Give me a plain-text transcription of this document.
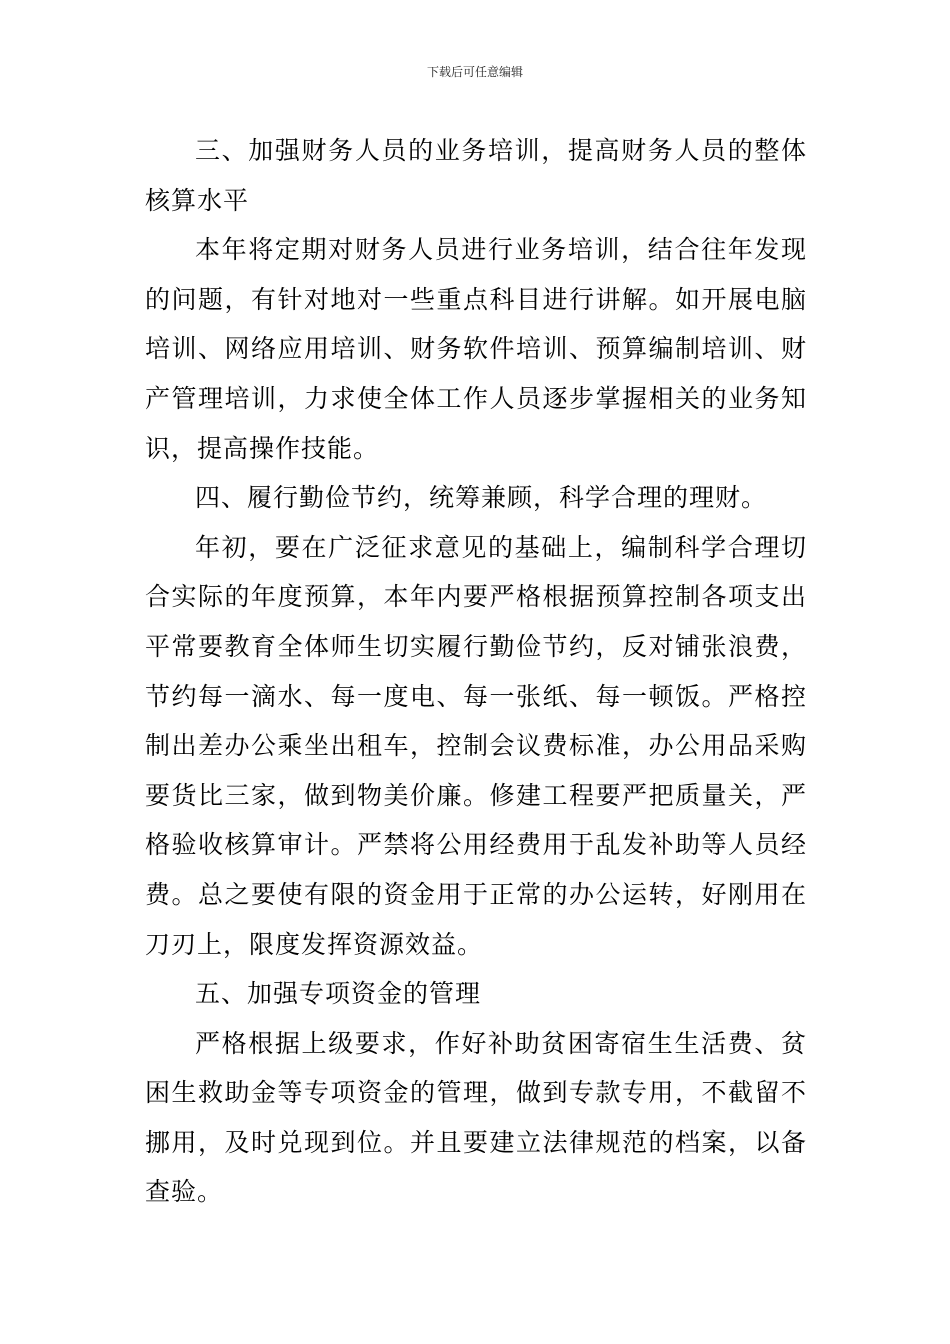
下载后可任意编辑

三、加强财务人员的业务培训，提高财务人员的整体核算水平

本年将定期对财务人员进行业务培训，结合往年发现的问题，有针对地对一些重点科目进行讲解。如开展电脑培训、网络应用培训、财务软件培训、预算编制培训、财产管理培训，力求使全体工作人员逐步掌握相关的业务知识，提高操作技能。

四、履行勤俭节约，统筹兼顾，科学合理的理财。

年初，要在广泛征求意见的基础上，编制科学合理切合实际的年度预算，本年内要严格根据预算控制各项支出平常要教育全体师生切实履行勤俭节约，反对铺张浪费，节约每一滴水、每一度电、每一张纸、每一顿饭。严格控制出差办公乘坐出租车，控制会议费标准，办公用品采购要货比三家，做到物美价廉。修建工程要严把质量关，严格验收核算审计。严禁将公用经费用于乱发补助等人员经费。总之要使有限的资金用于正常的办公运转，好刚用在刀刃上，限度发挥资源效益。

五、加强专项资金的管理

严格根据上级要求，作好补助贫困寄宿生生活费、贫困生救助金等专项资金的管理，做到专款专用，不截留不挪用，及时兑现到位。并且要建立法律规范的档案，以备查验。
